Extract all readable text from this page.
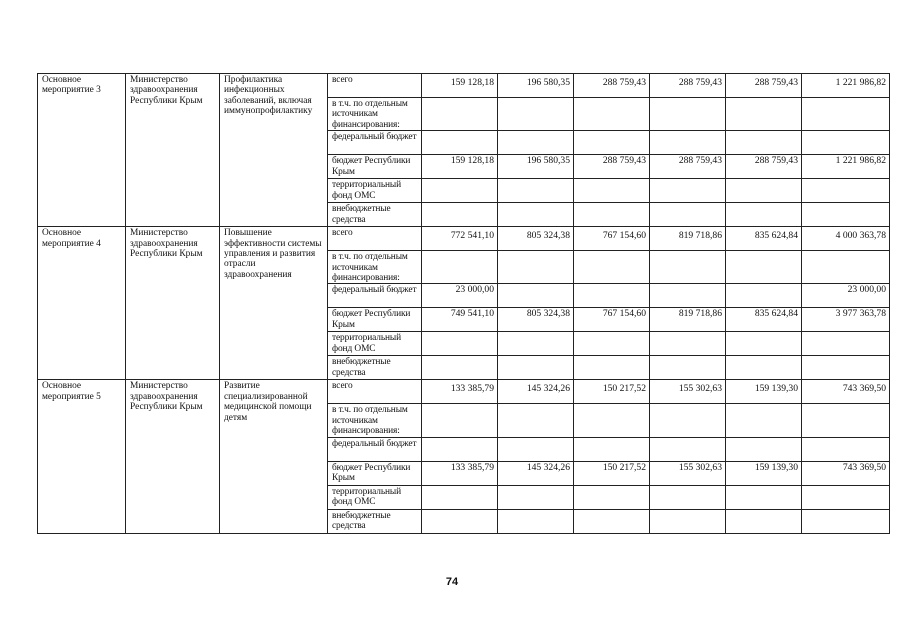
Основное мероприятие 3	Министерство здравоохранения Республики Крым	Профилактика инфекционных заболеваний, включая иммунопрофилактику	всего	159 128,18	196 580,35	288 759,43	288 759,43	288 759,43	1 221 986,82
			в т.ч. по отдельным источникам финансирования:						
			федеральный бюджет						
			бюджет Республики Крым	159 128,18	196 580,35	288 759,43	288 759,43	288 759,43	1 221 986,82
			территориальный фонд ОМС						
			внебюджетные средства						
Основное мероприятие 4	Министерство здравоохранения Республики Крым	Повышение эффективности системы управления и развития отрасли здравоохранения	всего	772 541,10	805 324,38	767 154,60	819 718,86	835 624,84	4 000 363,78
			в т.ч. по отдельным источникам финансирования:						
			федеральный бюджет	23 000,00					23 000,00
			бюджет Республики Крым	749 541,10	805 324,38	767 154,60	819 718,86	835 624,84	3 977 363,78
			территориальный фонд ОМС						
			внебюджетные средства						
Основное мероприятие 5	Министерство здравоохранения Республики Крым	Развитие специализированной медицинской помощи детям	всего	133 385,79	145 324,26	150 217,52	155 302,63	159 139,30	743 369,50
			в т.ч. по отдельным источникам финансирования:						
			федеральный бюджет						
			бюджет Республики Крым	133 385,79	145 324,26	150 217,52	155 302,63	159 139,30	743 369,50
			территориальный фонд ОМС						
			внебюджетные средства						
74
